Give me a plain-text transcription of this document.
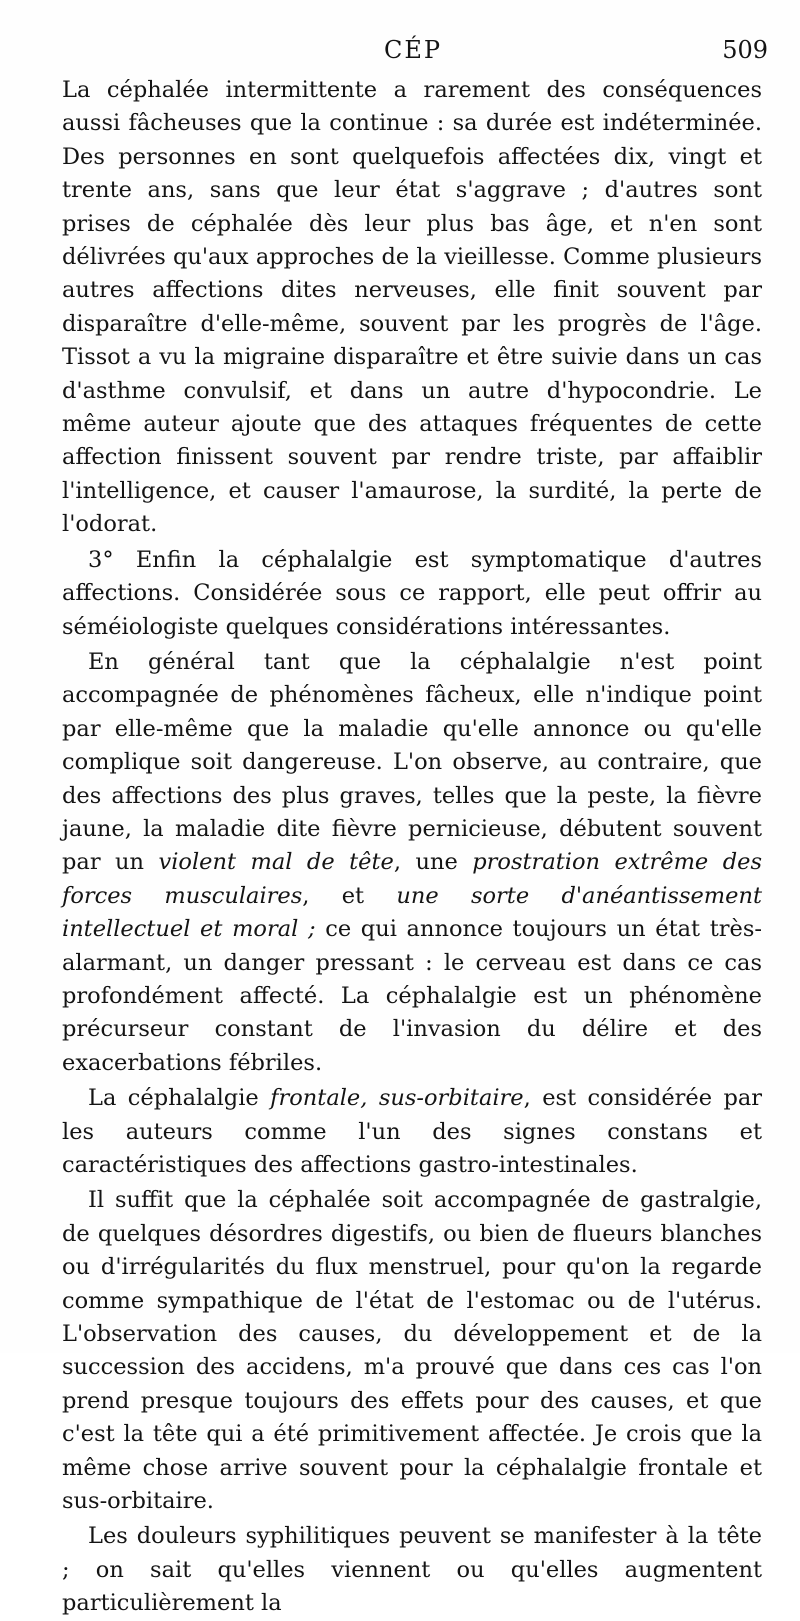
CÉP	509

La céphalée intermittente a rarement des conséquences aussi fâcheuses que la continue : sa durée est indéterminée. Des personnes en sont quelquefois affectées dix, vingt et trente ans, sans que leur état s'aggrave ; d'autres sont prises de céphalée dès leur plus bas âge, et n'en sont délivrées qu'aux approches de la vieillesse. Comme plusieurs autres affections dites nerveuses, elle finit souvent par disparaître d'elle-même, souvent par les progrès de l'âge. Tissot a vu la migraine disparaître et être suivie dans un cas d'asthme convulsif, et dans un autre d'hypocondrie. Le même auteur ajoute que des attaques fréquentes de cette affection finissent souvent par rendre triste, par affaiblir l'intelligence, et causer l'amaurose, la surdité, la perte de l'odorat.

3° Enfin la céphalalgie est symptomatique d'autres affections. Considérée sous ce rapport, elle peut offrir au séméiologiste quelques considérations intéressantes.

En général tant que la céphalalgie n'est point accompagnée de phénomènes fâcheux, elle n'indique point par elle-même que la maladie qu'elle annonce ou qu'elle complique soit dangereuse. L'on observe, au contraire, que des affections des plus graves, telles que la peste, la fièvre jaune, la maladie dite fièvre pernicieuse, débutent souvent par un violent mal de tête, une prostration extrême des forces musculaires, et une sorte d'anéantissement intellectuel et moral ; ce qui annonce toujours un état très-alarmant, un danger pressant : le cerveau est dans ce cas profondément affecté. La céphalalgie est un phénomène précurseur constant de l'invasion du délire et des exacerbations fébriles.

La céphalalgie frontale, sus-orbitaire, est considérée par les auteurs comme l'un des signes constans et caractéristiques des affections gastro-intestinales.

Il suffit que la céphalée soit accompagnée de gastralgie, de quelques désordres digestifs, ou bien de flueurs blanches ou d'irrégularités du flux menstruel, pour qu'on la regarde comme sympathique de l'état de l'estomac ou de l'utérus. L'observation des causes, du développement et de la succession des accidens, m'a prouvé que dans ces cas l'on prend presque toujours des effets pour des causes, et que c'est la tête qui a été primitivement affectée. Je crois que la même chose arrive souvent pour la céphalalgie frontale et sus-orbitaire.

Les douleurs syphilitiques peuvent se manifester à la tête ; on sait qu'elles viennent ou qu'elles augmentent particulièrement la
